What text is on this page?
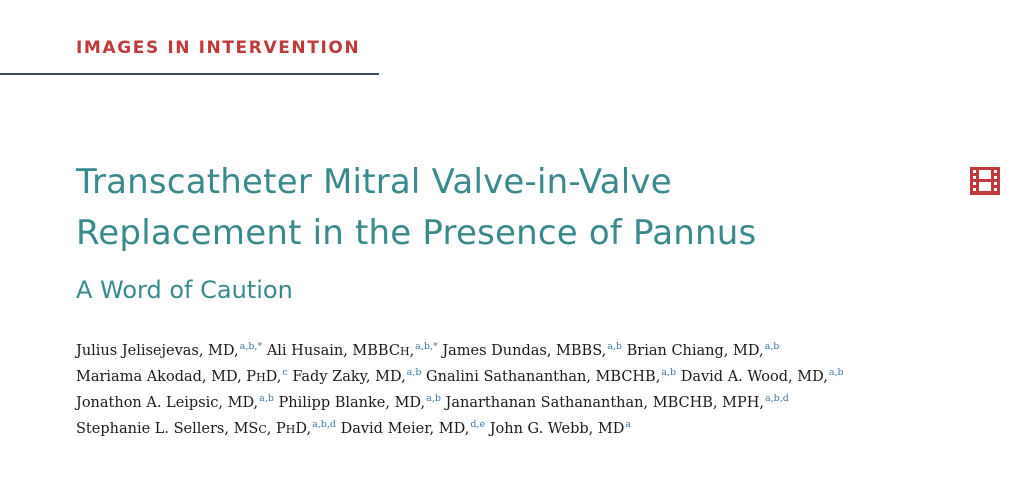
IMAGES IN INTERVENTION
Transcatheter Mitral Valve-in-Valve
Replacement in the Presence of Pannus
A Word of Caution
Julius Jelisejevas, MD,$^{a,b,*}$ Ali Husain, MBBCH,$^{a,b,*}$ James Dundas, MBBS,$^{a,b}$ Brian Chiang, MD,$^{a,b}$
Mariama Akodad, MD, PHD,$^c$ Fady Zaky, MD,$^{a,b}$ Gnalini Sathananthan, MBCHB,$^{a,b}$ David A. Wood, MD,$^{a,b}$
Jonathon A. Leipsic, MD,$^{a,b}$ Philipp Blanke, MD,$^{a,b}$ Janarthanan Sathananthan, MBCHB, MPH,$^{a,b,d}$
Stephanie L. Sellers, MSC, PHD,$^{a,b,d}$ David Meier, MD,$^{d,e}$ John G. Webb, MD$^a$
